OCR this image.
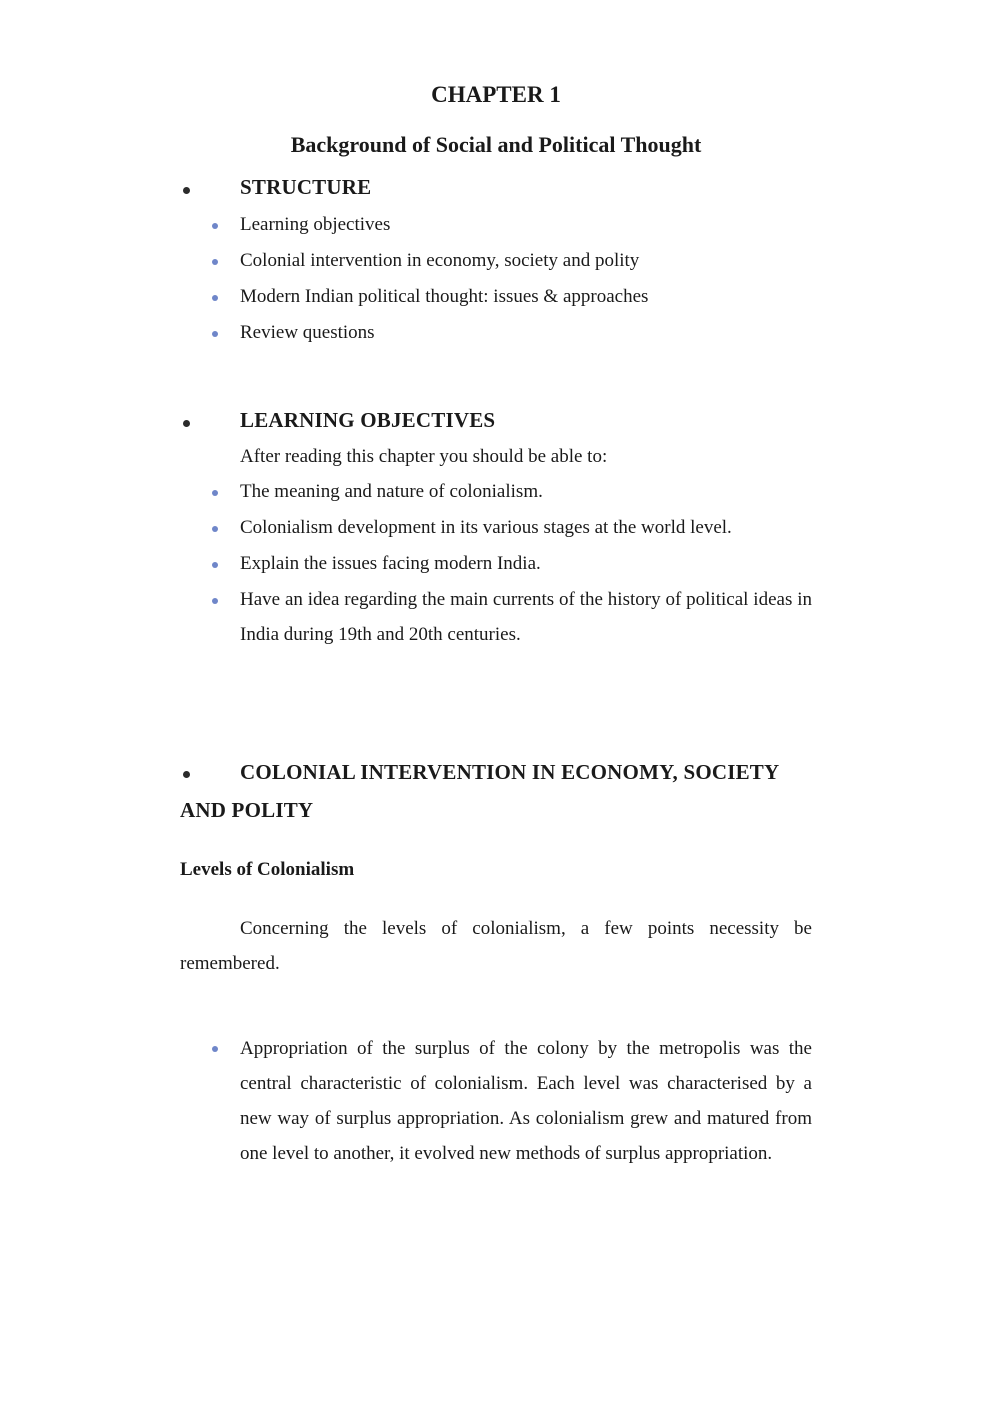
CHAPTER 1
Background of Social and Political Thought
STRUCTURE
Learning objectives
Colonial intervention in economy, society and polity
Modern Indian political thought: issues & approaches
Review questions
LEARNING OBJECTIVES
After reading this chapter you should be able to:
The meaning and nature of colonialism.
Colonialism development in its various stages at the world level.
Explain the issues facing modern India.
Have an idea regarding the main currents of the history of political ideas in India during 19th and 20th centuries.
COLONIAL INTERVENTION IN ECONOMY, SOCIETY
AND POLITY
Levels of Colonialism
Concerning the levels of colonialism, a few points necessity be remembered.
Appropriation of the surplus of the colony by the metropolis was the central characteristic of colonialism. Each level was characterised by a new way of surplus appropriation. As colonialism grew and matured from one level to another, it evolved new methods of surplus appropriation.
